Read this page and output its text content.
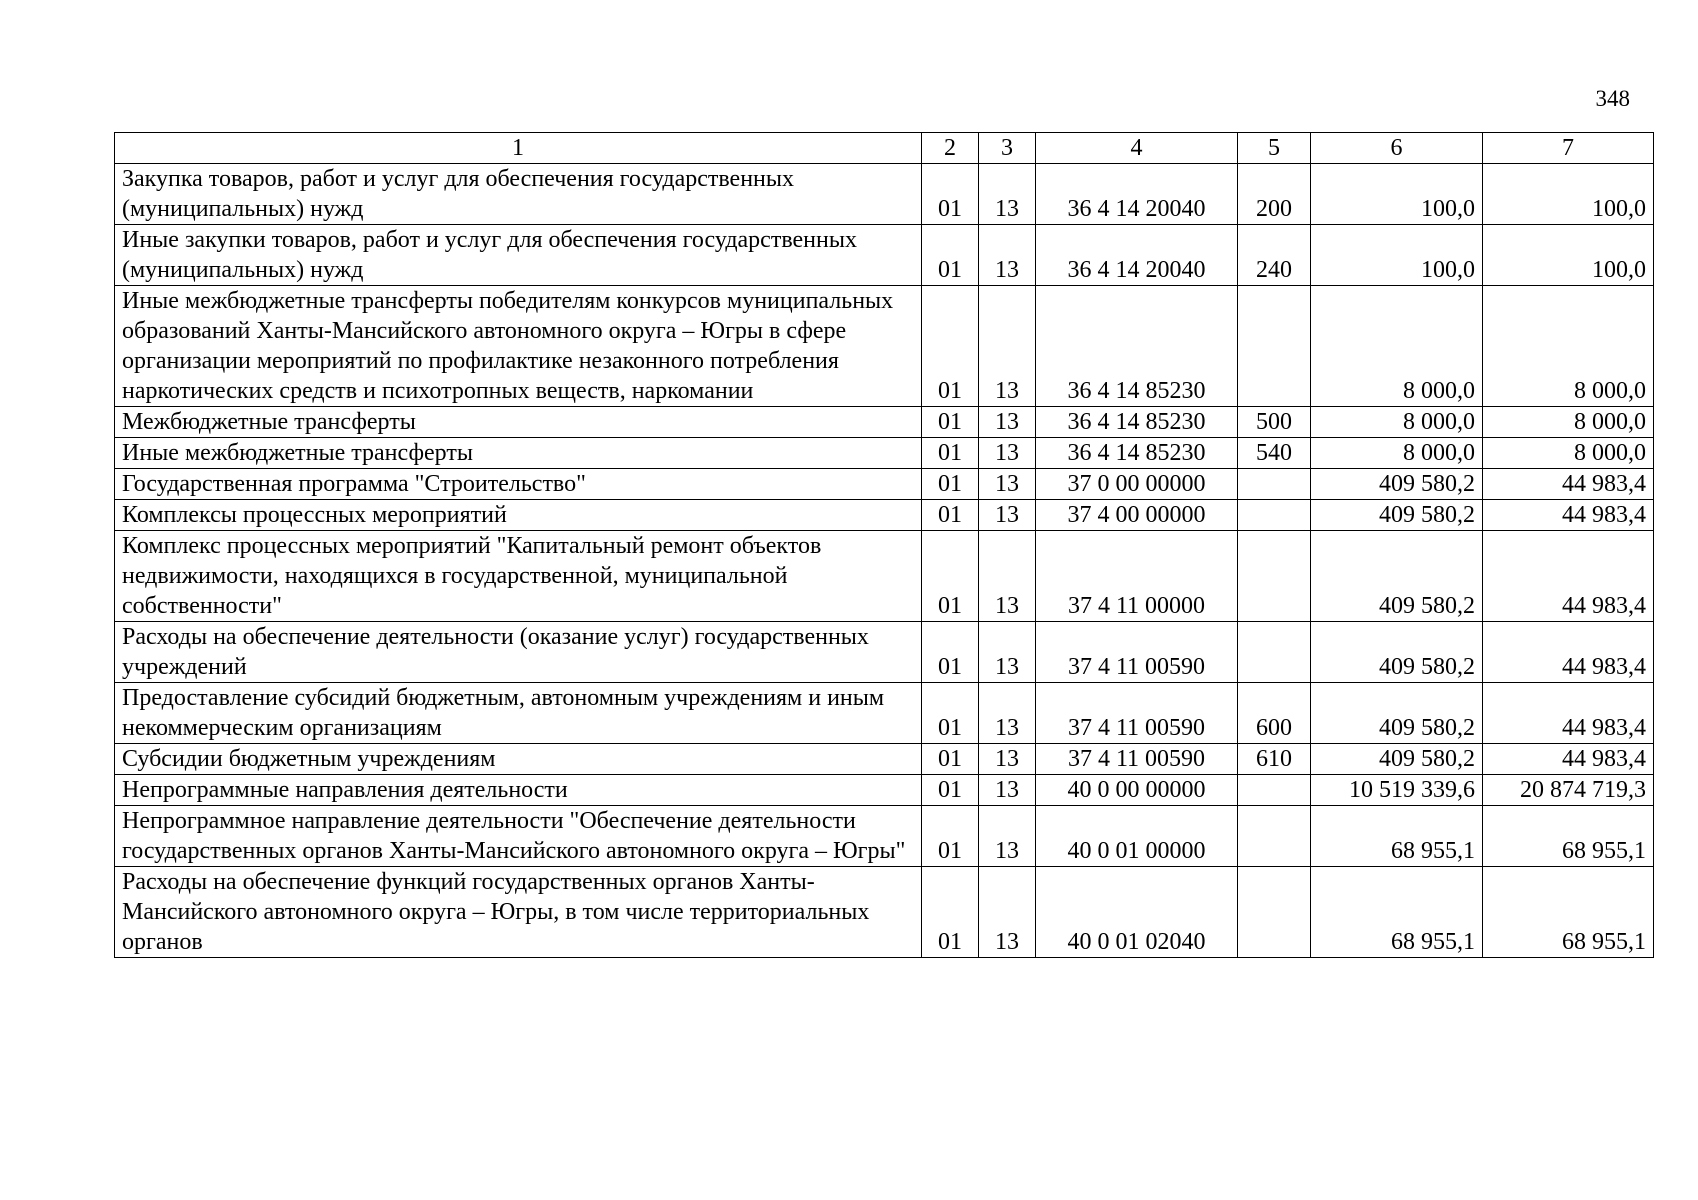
348
1	2	3	4	5	6	7
Закупка товаров, работ и услуг для обеспечения государственных (муниципальных) нужд	01	13	36 4 14 20040	200	100,0	100,0
Иные закупки товаров, работ и услуг для обеспечения государственных (муниципальных) нужд	01	13	36 4 14 20040	240	100,0	100,0
Иные межбюджетные трансферты победителям конкурсов муниципальных образований Ханты-Мансийского автономного округа – Югры в сфере организации мероприятий по профилактике незаконного потребления наркотических средств и психотропных веществ, наркомании	01	13	36 4 14 85230		8 000,0	8 000,0
Межбюджетные трансферты	01	13	36 4 14 85230	500	8 000,0	8 000,0
Иные межбюджетные трансферты	01	13	36 4 14 85230	540	8 000,0	8 000,0
Государственная программа "Строительство"	01	13	37 0 00 00000		409 580,2	44 983,4
Комплексы процессных мероприятий	01	13	37 4 00 00000		409 580,2	44 983,4
Комплекс процессных мероприятий "Капитальный ремонт объектов недвижимости, находящихся в государственной, муниципальной собственности"	01	13	37 4 11 00000		409 580,2	44 983,4
Расходы на обеспечение деятельности (оказание услуг) государственных учреждений	01	13	37 4 11 00590		409 580,2	44 983,4
Предоставление субсидий бюджетным, автономным учреждениям и иным некоммерческим организациям	01	13	37 4 11 00590	600	409 580,2	44 983,4
Субсидии бюджетным учреждениям	01	13	37 4 11 00590	610	409 580,2	44 983,4
Непрограммные направления деятельности	01	13	40 0 00 00000		10 519 339,6	20 874 719,3
Непрограммное направление деятельности "Обеспечение деятельности государственных органов Ханты-Мансийского автономного округа – Югры"	01	13	40 0 01 00000		68 955,1	68 955,1
Расходы на обеспечение функций государственных органов Ханты-Мансийского автономного округа – Югры, в том числе территориальных органов	01	13	40 0 01 02040		68 955,1	68 955,1
